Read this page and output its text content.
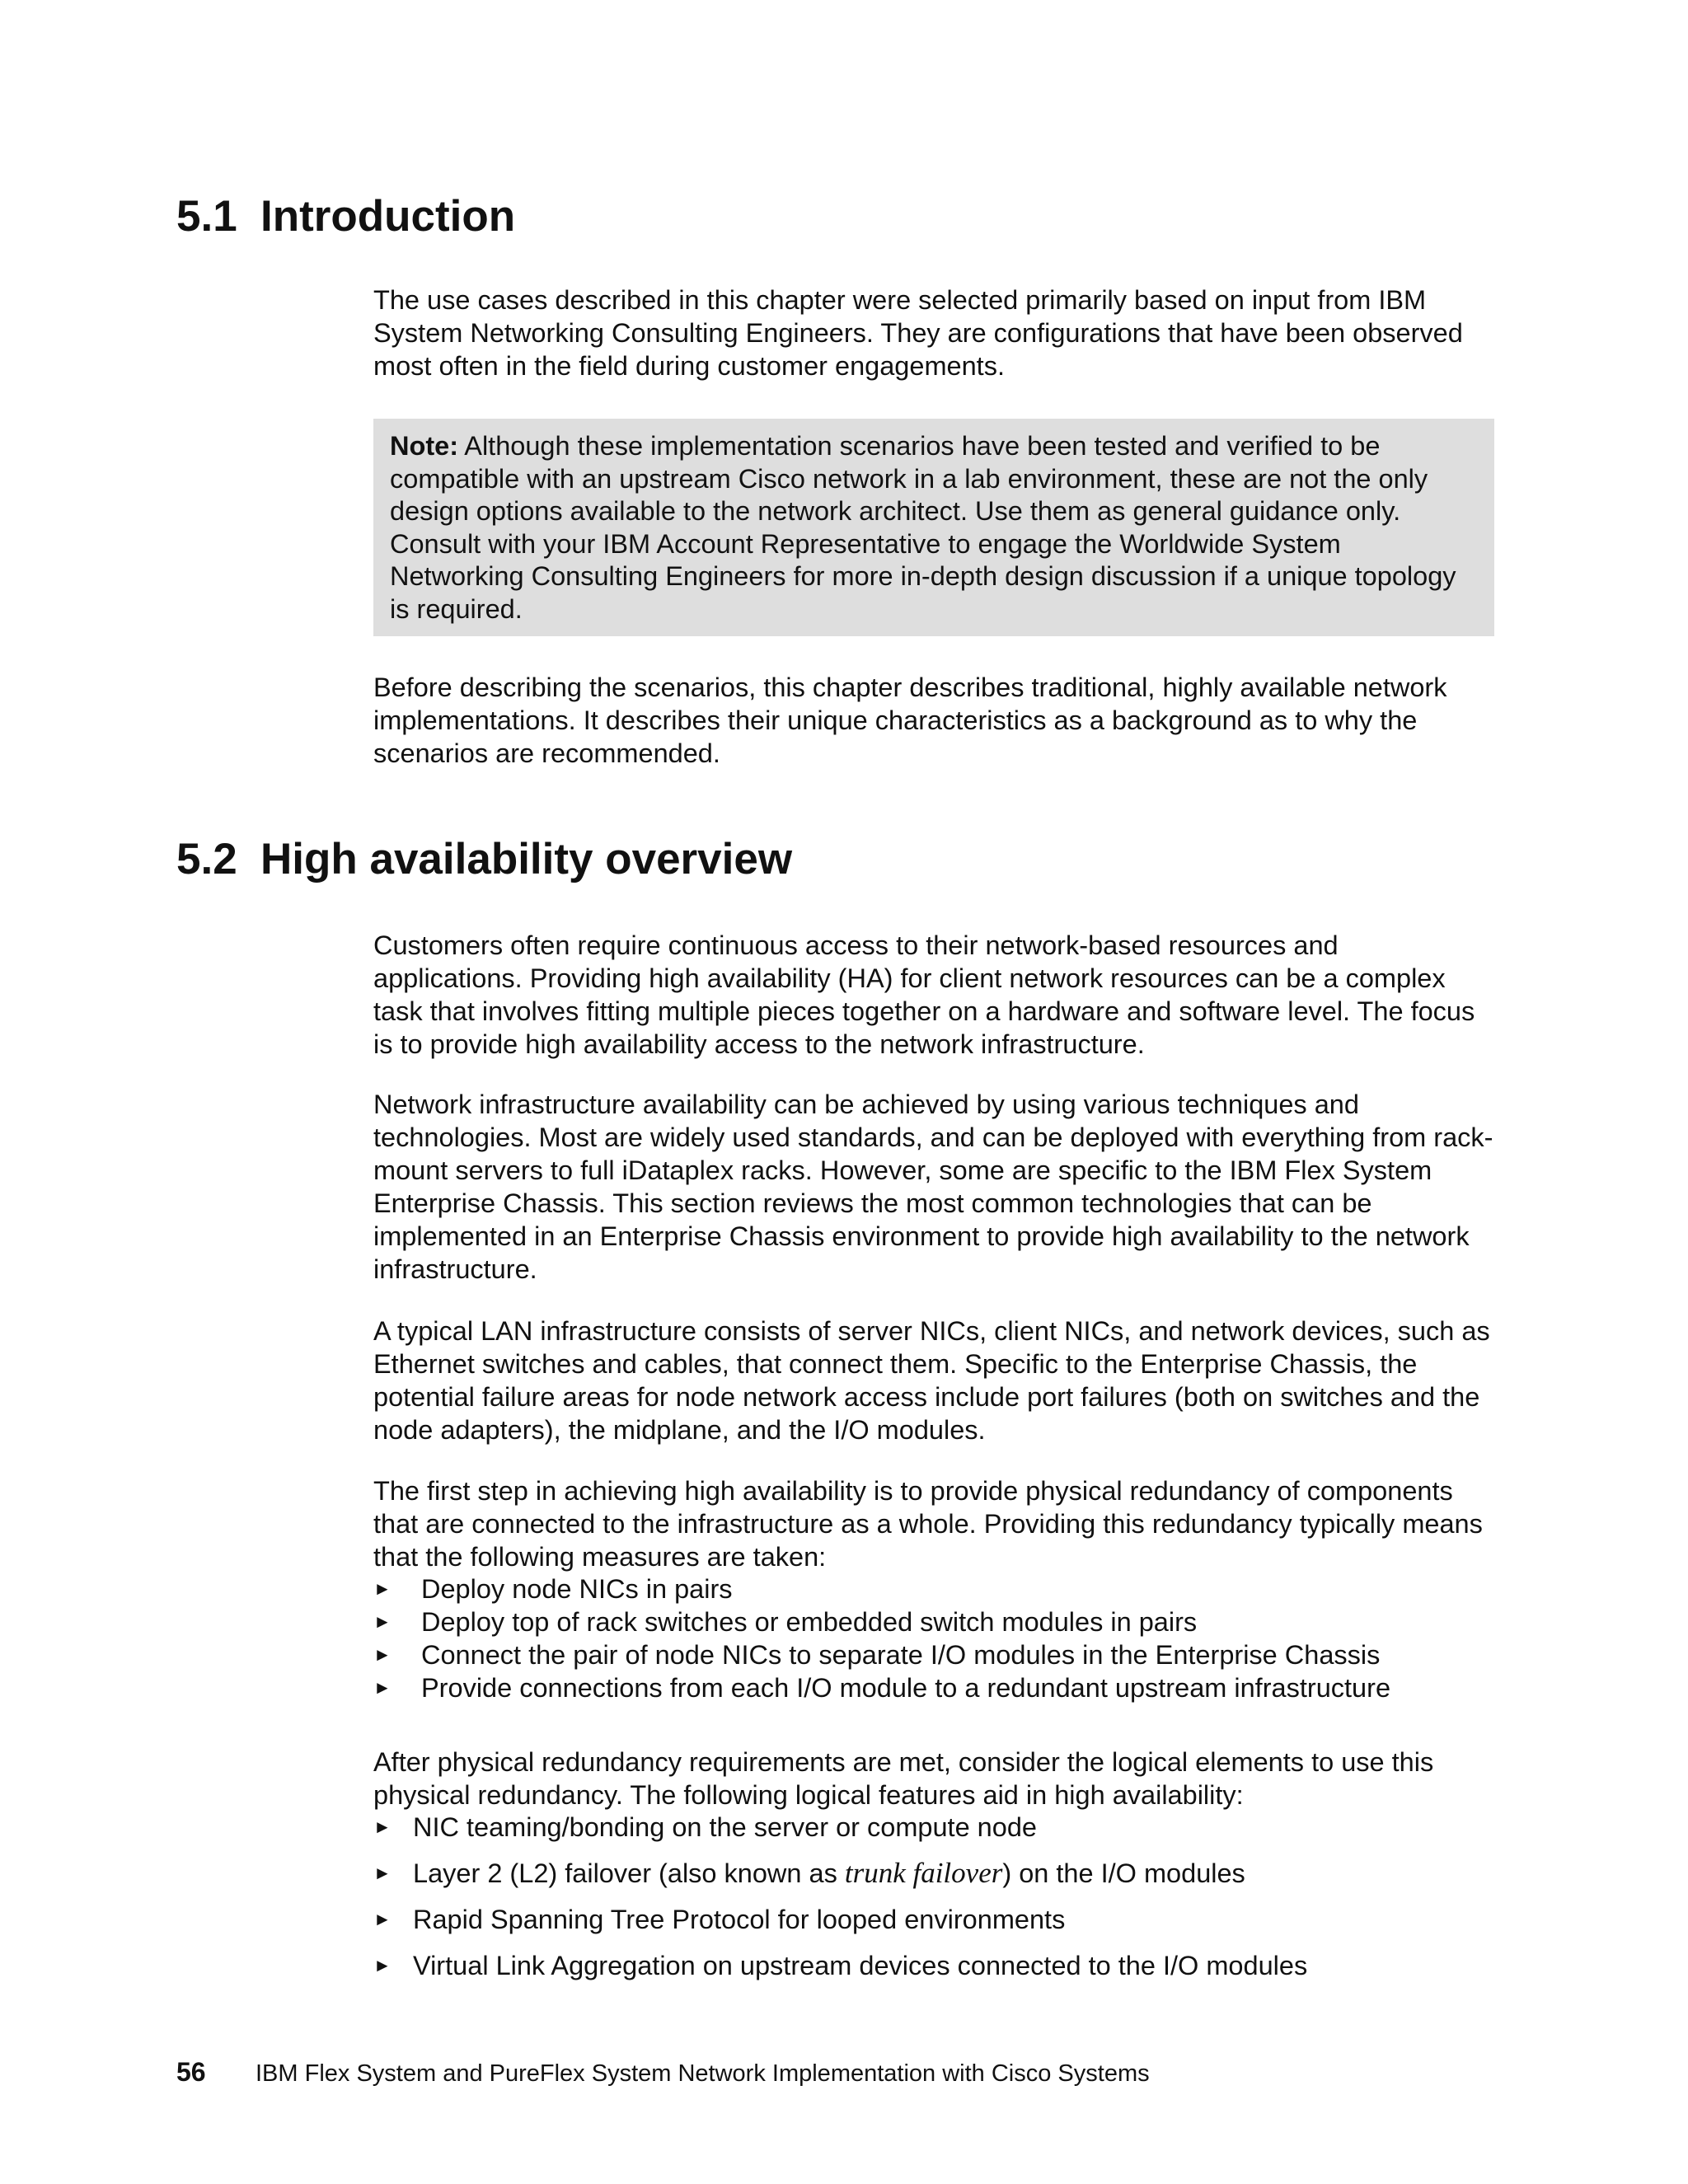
5.1 Introduction

The use cases described in this chapter were selected primarily based on input from IBM System Networking Consulting Engineers. They are configurations that have been observed most often in the field during customer engagements.

Note: Although these implementation scenarios have been tested and verified to be compatible with an upstream Cisco network in a lab environment, these are not the only design options available to the network architect. Use them as general guidance only. Consult with your IBM Account Representative to engage the Worldwide System Networking Consulting Engineers for more in-depth design discussion if a unique topology is required.

Before describing the scenarios, this chapter describes traditional, highly available network implementations. It describes their unique characteristics as a background as to why the scenarios are recommended.

5.2 High availability overview

Customers often require continuous access to their network-based resources and applications. Providing high availability (HA) for client network resources can be a complex task that involves fitting multiple pieces together on a hardware and software level. The focus is to provide high availability access to the network infrastructure.

Network infrastructure availability can be achieved by using various techniques and technologies. Most are widely used standards, and can be deployed with everything from rack-mount servers to full iDataplex racks. However, some are specific to the IBM Flex System Enterprise Chassis. This section reviews the most common technologies that can be implemented in an Enterprise Chassis environment to provide high availability to the network infrastructure.

A typical LAN infrastructure consists of server NICs, client NICs, and network devices, such as Ethernet switches and cables, that connect them. Specific to the Enterprise Chassis, the potential failure areas for node network access include port failures (both on switches and the node adapters), the midplane, and the I/O modules.

The first step in achieving high availability is to provide physical redundancy of components that are connected to the infrastructure as a whole. Providing this redundancy typically means that the following measures are taken:

► Deploy node NICs in pairs
► Deploy top of rack switches or embedded switch modules in pairs
► Connect the pair of node NICs to separate I/O modules in the Enterprise Chassis
► Provide connections from each I/O module to a redundant upstream infrastructure

After physical redundancy requirements are met, consider the logical elements to use this physical redundancy. The following logical features aid in high availability:

► NIC teaming/bonding on the server or compute node
► Layer 2 (L2) failover (also known as trunk failover) on the I/O modules
► Rapid Spanning Tree Protocol for looped environments
► Virtual Link Aggregation on upstream devices connected to the I/O modules
56 IBM Flex System and PureFlex System Network Implementation with Cisco Systems
